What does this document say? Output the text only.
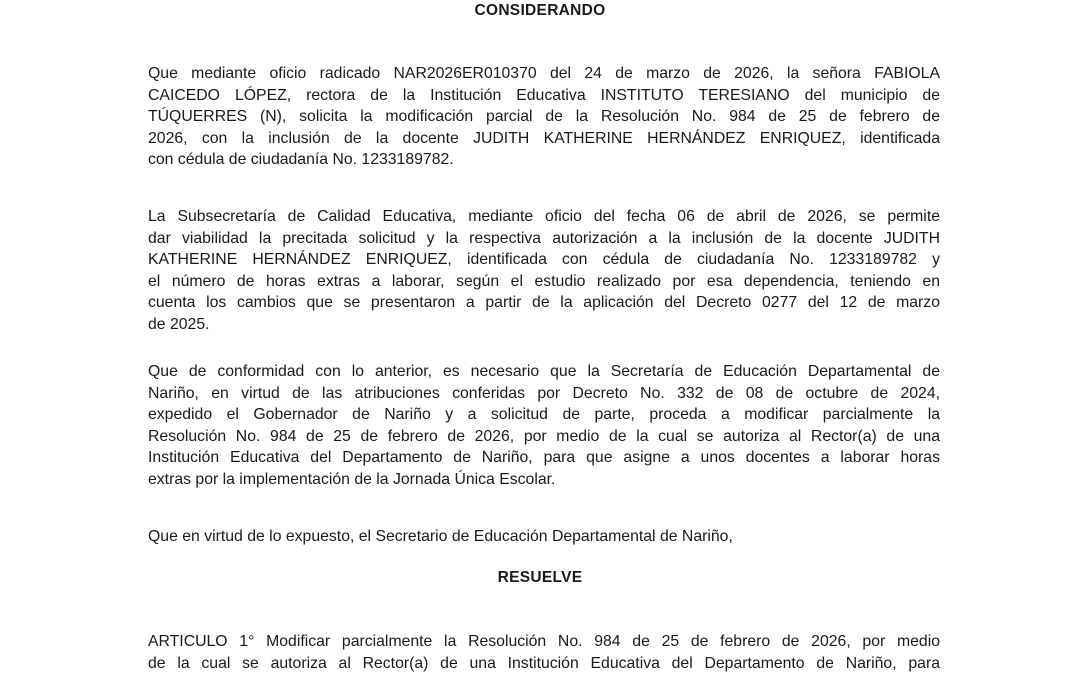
CONSIDERANDO
Que mediante oficio radicado NAR2026ER010370 del 24 de marzo de 2026, la señora FABIOLA
CAICEDO LÓPEZ, rectora de la Institución Educativa INSTITUTO TERESIANO del municipio de
TÚQUERRES (N), solicita la modificación parcial de la Resolución No. 984 de 25 de febrero de
2026, con la inclusión de la docente JUDITH KATHERINE HERNÁNDEZ ENRIQUEZ, identificada
con cédula de ciudadanía No. 1233189782.
La Subsecretaría de Calidad Educativa, mediante oficio del fecha 06 de abril de 2026, se permite
dar viabilidad la precitada solicitud y la respectiva autorización a la inclusión de la docente JUDITH
KATHERINE HERNÁNDEZ ENRIQUEZ, identificada con cédula de ciudadanía No. 1233189782 y
el número de horas extras a laborar, según el estudio realizado por esa dependencia, teniendo en
cuenta los cambios que se presentaron a partir de la aplicación del Decreto 0277 del 12 de marzo
de 2025.
Que de conformidad con lo anterior, es necesario que la Secretaría de Educación Departamental de
Nariño, en virtud de las atribuciones conferidas por Decreto No. 332 de 08 de octubre de 2024,
expedido el Gobernador de Nariño y a solicitud de parte, proceda a modificar parcialmente la
Resolución No. 984 de 25 de febrero de 2026, por medio de la cual se autoriza al Rector(a) de una
Institución Educativa del Departamento de Nariño, para que asigne a unos docentes a laborar horas
extras por la implementación de la Jornada Única Escolar.
Que en virtud de lo expuesto, el Secretario de Educación Departamental de Nariño,
RESUELVE
ARTICULO 1° Modificar parcialmente la Resolución No. 984 de 25 de febrero de 2026, por medio
de la cual se autoriza al Rector(a) de una Institución Educativa del Departamento de Nariño, para
